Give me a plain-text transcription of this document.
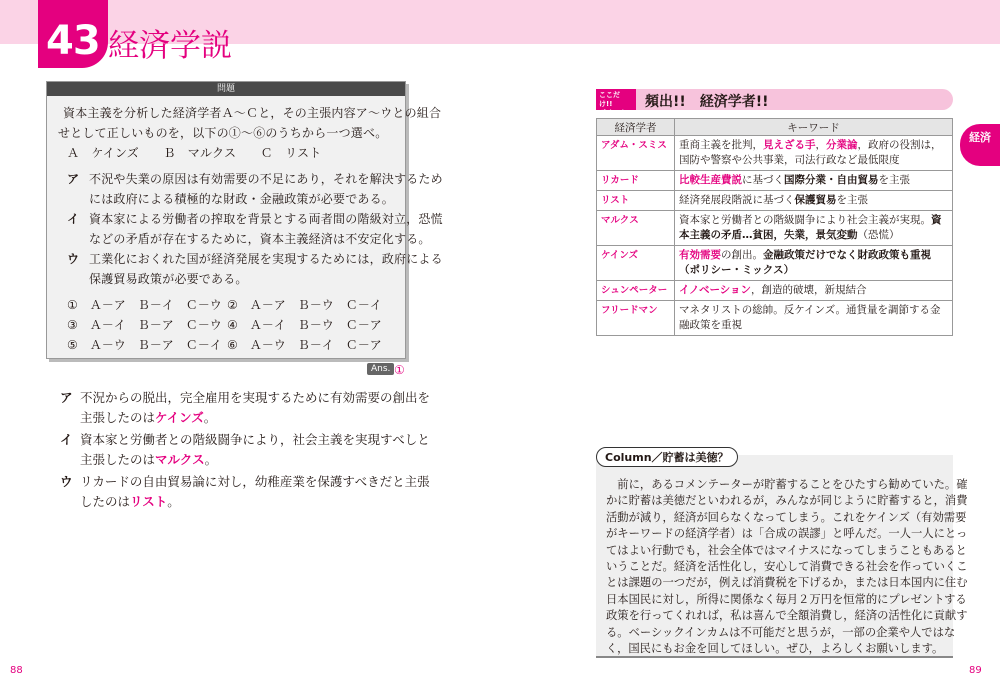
43 経済学説
問題
資本主義を分析した経済学者Ａ～Ｃと，その主張内容ア～ウとの組合
せとして正しいものを，以下の①～⑥のうちから一つ選べ。
Ａ　ケインズ　　Ｂ　マルクス　　Ｃ　リスト
ア 不況や失業の原因は有効需要の不足にあり，それを解決するため
には政府による積極的な財政・金融政策が必要である。
イ 資本家による労働者の搾取を背景とする両者間の階級対立，恐慌
などの矛盾が存在するために，資本主義経済は不安定化する。
ウ 工業化におくれた国が経済発展を実現するためには，政府による
保護貿易政策が必要である。
①　Ａ－ア　Ｂ－イ　Ｃ－ウ ②　Ａ－ア　Ｂ－ウ　Ｃ－イ
③　Ａ－イ　Ｂ－ア　Ｃ－ウ ④　Ａ－イ　Ｂ－ウ　Ｃ－ア
⑤　Ａ－ウ　Ｂ－ア　Ｃ－イ ⑥　Ａ－ウ　Ｂ－イ　Ｃ－ア
Ans. ①
ア 不況からの脱出，完全雇用を実現するために有効需要の創出を
主張したのはケインズ。
イ 資本家と労働者との階級闘争により，社会主義を実現すべしと
主張したのはマルクス。
ウ リカードの自由貿易論に対し，幼稚産業を保護すべきだと主張
したのはリスト。
88	89
ここだけ!!
ポイント
頻出!!　経済学者!!
経済学者	キーワード
アダム・スミス	重商主義を批判，見えざる手，分業論，政府の役割は，国防や警察や公共事業，司法行政など最低限度
リカード	比較生産費説に基づく国際分業・自由貿易を主張
リスト	経済発展段階説に基づく保護貿易を主張
マルクス	資本家と労働者との階級闘争により社会主義が実現。資本主義の矛盾…貧困，失業，景気変動（恐慌）
ケインズ	有効需要の創出。金融政策だけでなく財政政策も重視（ポリシー・ミックス）
シュンペーター	イノベーション，創造的破壊，新規結合
フリードマン	マネタリストの総帥。反ケインズ。通貨量を調節する金融政策を重視
経済
Column／貯蓄は美徳？
　前に，あるコメンテーターが貯蓄することをひたすら勧めていた。確
かに貯蓄は美徳だといわれるが，みんなが同じように貯蓄すると，消費
活動が減り，経済が回らなくなってしまう。これをケインズ（有効需要
がキーワードの経済学者）は「合成の誤謬」と呼んだ。一人一人にとっ
てはよい行動でも，社会全体ではマイナスになってしまうこともあると
いうことだ。経済を活性化し，安心して消費できる社会を作っていくこ
とは課題の一つだが，例えば消費税を下げるか，または日本国内に住む
日本国民に対し，所得に関係なく毎月２万円を恒常的にプレゼントする
政策を行ってくれれば，私は喜んで全額消費し，経済の活性化に貢献す
る。ベーシックインカムは不可能だと思うが，一部の企業や人ではな
く，国民にもお金を回してほしい。ぜひ，よろしくお願いします。
